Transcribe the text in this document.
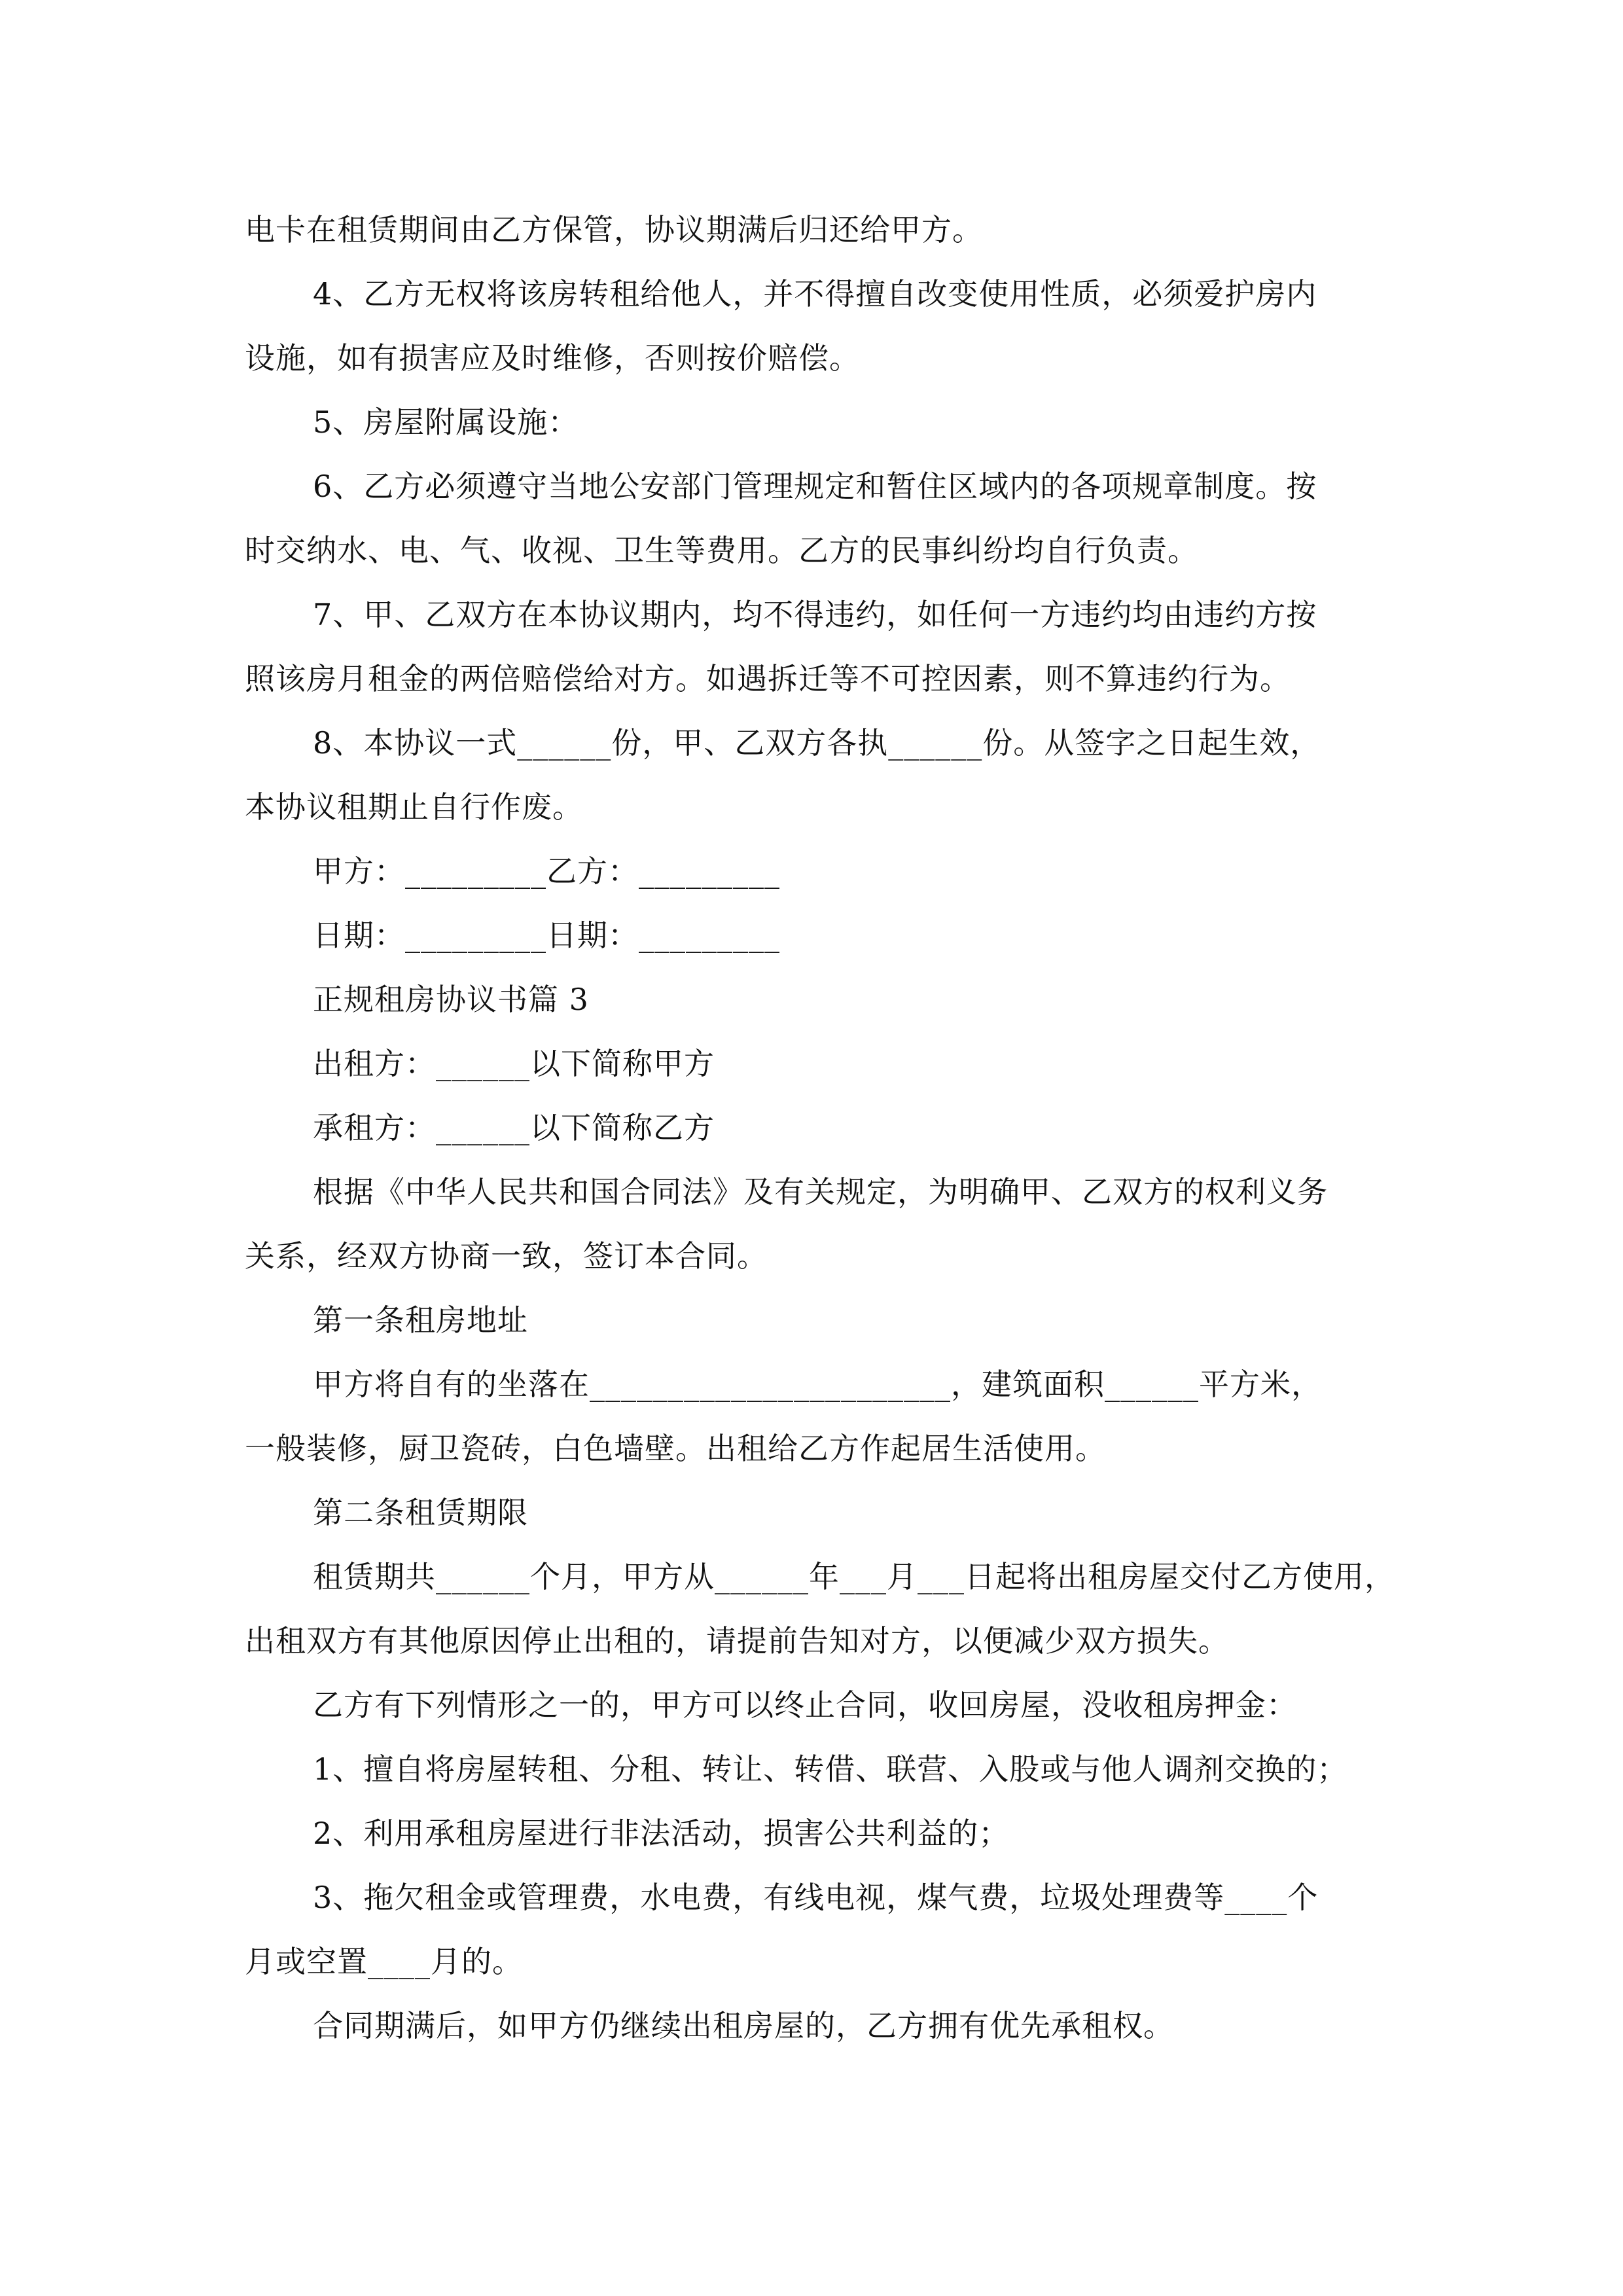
电卡在租赁期间由乙方保管，协议期满后归还给甲方。
4、乙方无权将该房转租给他人，并不得擅自改变使用性质，必须爱护房内
设施，如有损害应及时维修，否则按价赔偿。
5、房屋附属设施：
6、乙方必须遵守当地公安部门管理规定和暂住区域内的各项规章制度。按
时交纳水、电、气、收视、卫生等费用。乙方的民事纠纷均自行负责。
7、甲、乙双方在本协议期内，均不得违约，如任何一方违约均由违约方按
照该房月租金的两倍赔偿给对方。如遇拆迁等不可控因素，则不算违约行为。
8、本协议一式______份，甲、乙双方各执______份。从签字之日起生效，
本协议租期止自行作废。
甲方：_________乙方：_________
日期：_________日期：_________
正规租房协议书篇 3
出租方：______以下简称甲方
承租方：______以下简称乙方
根据《中华人民共和国合同法》及有关规定，为明确甲、乙双方的权利义务
关系，经双方协商一致，签订本合同。
第一条租房地址
甲方将自有的坐落在_______________________，建筑面积______平方米，
一般装修，厨卫瓷砖，白色墙壁。出租给乙方作起居生活使用。
第二条租赁期限
租赁期共______个月，甲方从______年___月___日起将出租房屋交付乙方使用，
出租双方有其他原因停止出租的，请提前告知对方，以便减少双方损失。
乙方有下列情形之一的，甲方可以终止合同，收回房屋，没收租房押金：
1、擅自将房屋转租、分租、转让、转借、联营、入股或与他人调剂交换的；
2、利用承租房屋进行非法活动，损害公共利益的；
3、拖欠租金或管理费，水电费，有线电视，煤气费，垃圾处理费等____个
月或空置____月的。
合同期满后，如甲方仍继续出租房屋的，乙方拥有优先承租权。
